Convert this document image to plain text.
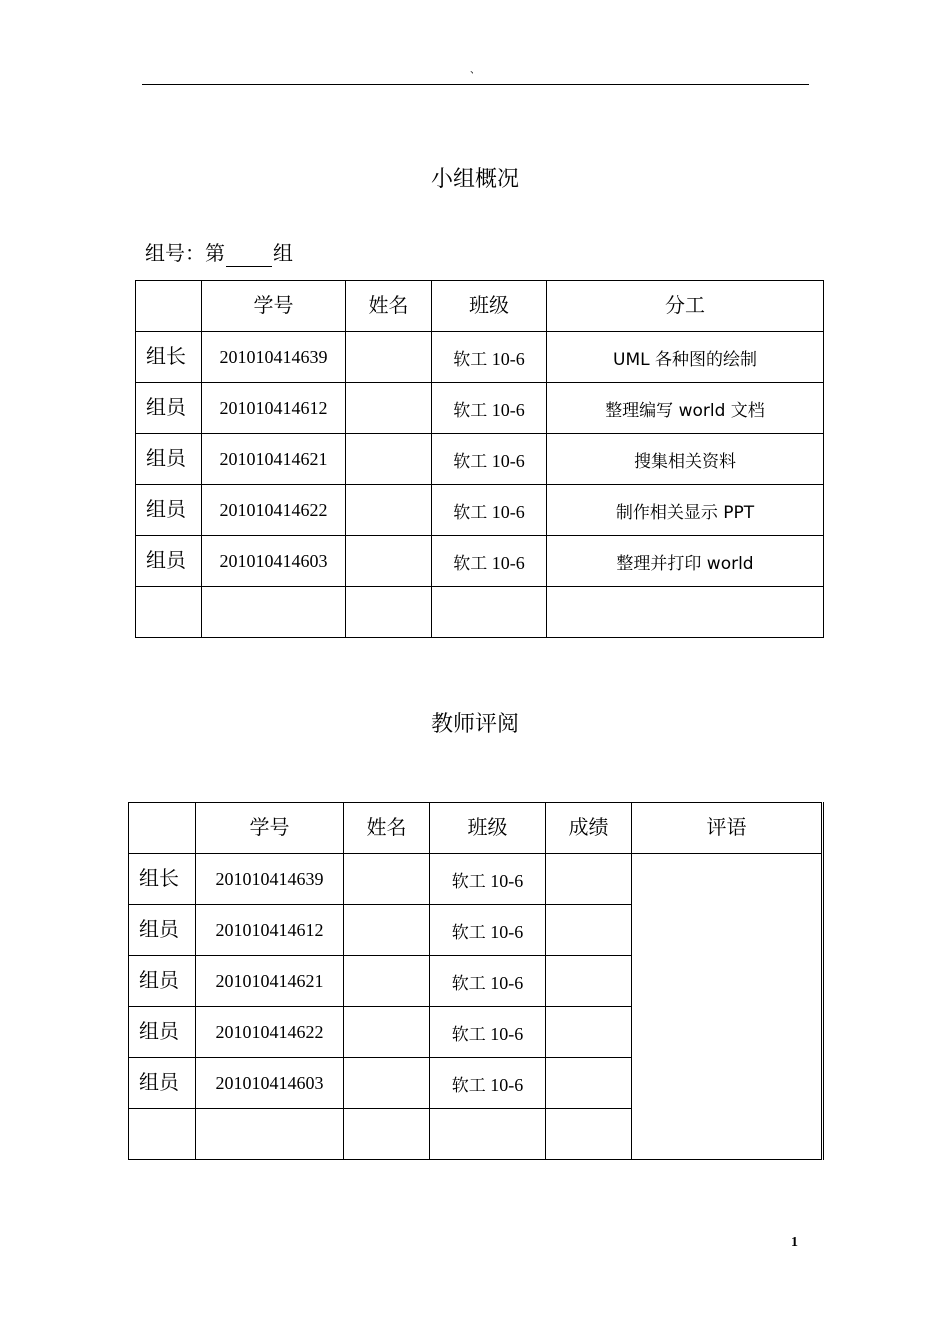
、
小组概况
组号：第 组
	学号	姓名	班级	分工
组长	201010414639		软工 10-6	UML 各种图的绘制
组员	201010414612		软工 10-6	整理编写 world 文档
组员	201010414621		软工 10-6	搜集相关资料
组员	201010414622		软工 10-6	制作相关显示 PPT
组员	201010414603		软工 10-6	整理并打印 world

教师评阅
	学号	姓名	班级	成绩	评语
组长	201010414639		软工 10-6		
组员	201010414612		软工 10-6		
组员	201010414621		软工 10-6		
组员	201010414622		软工 10-6		
组员	201010414603		软工 10-6		

1
